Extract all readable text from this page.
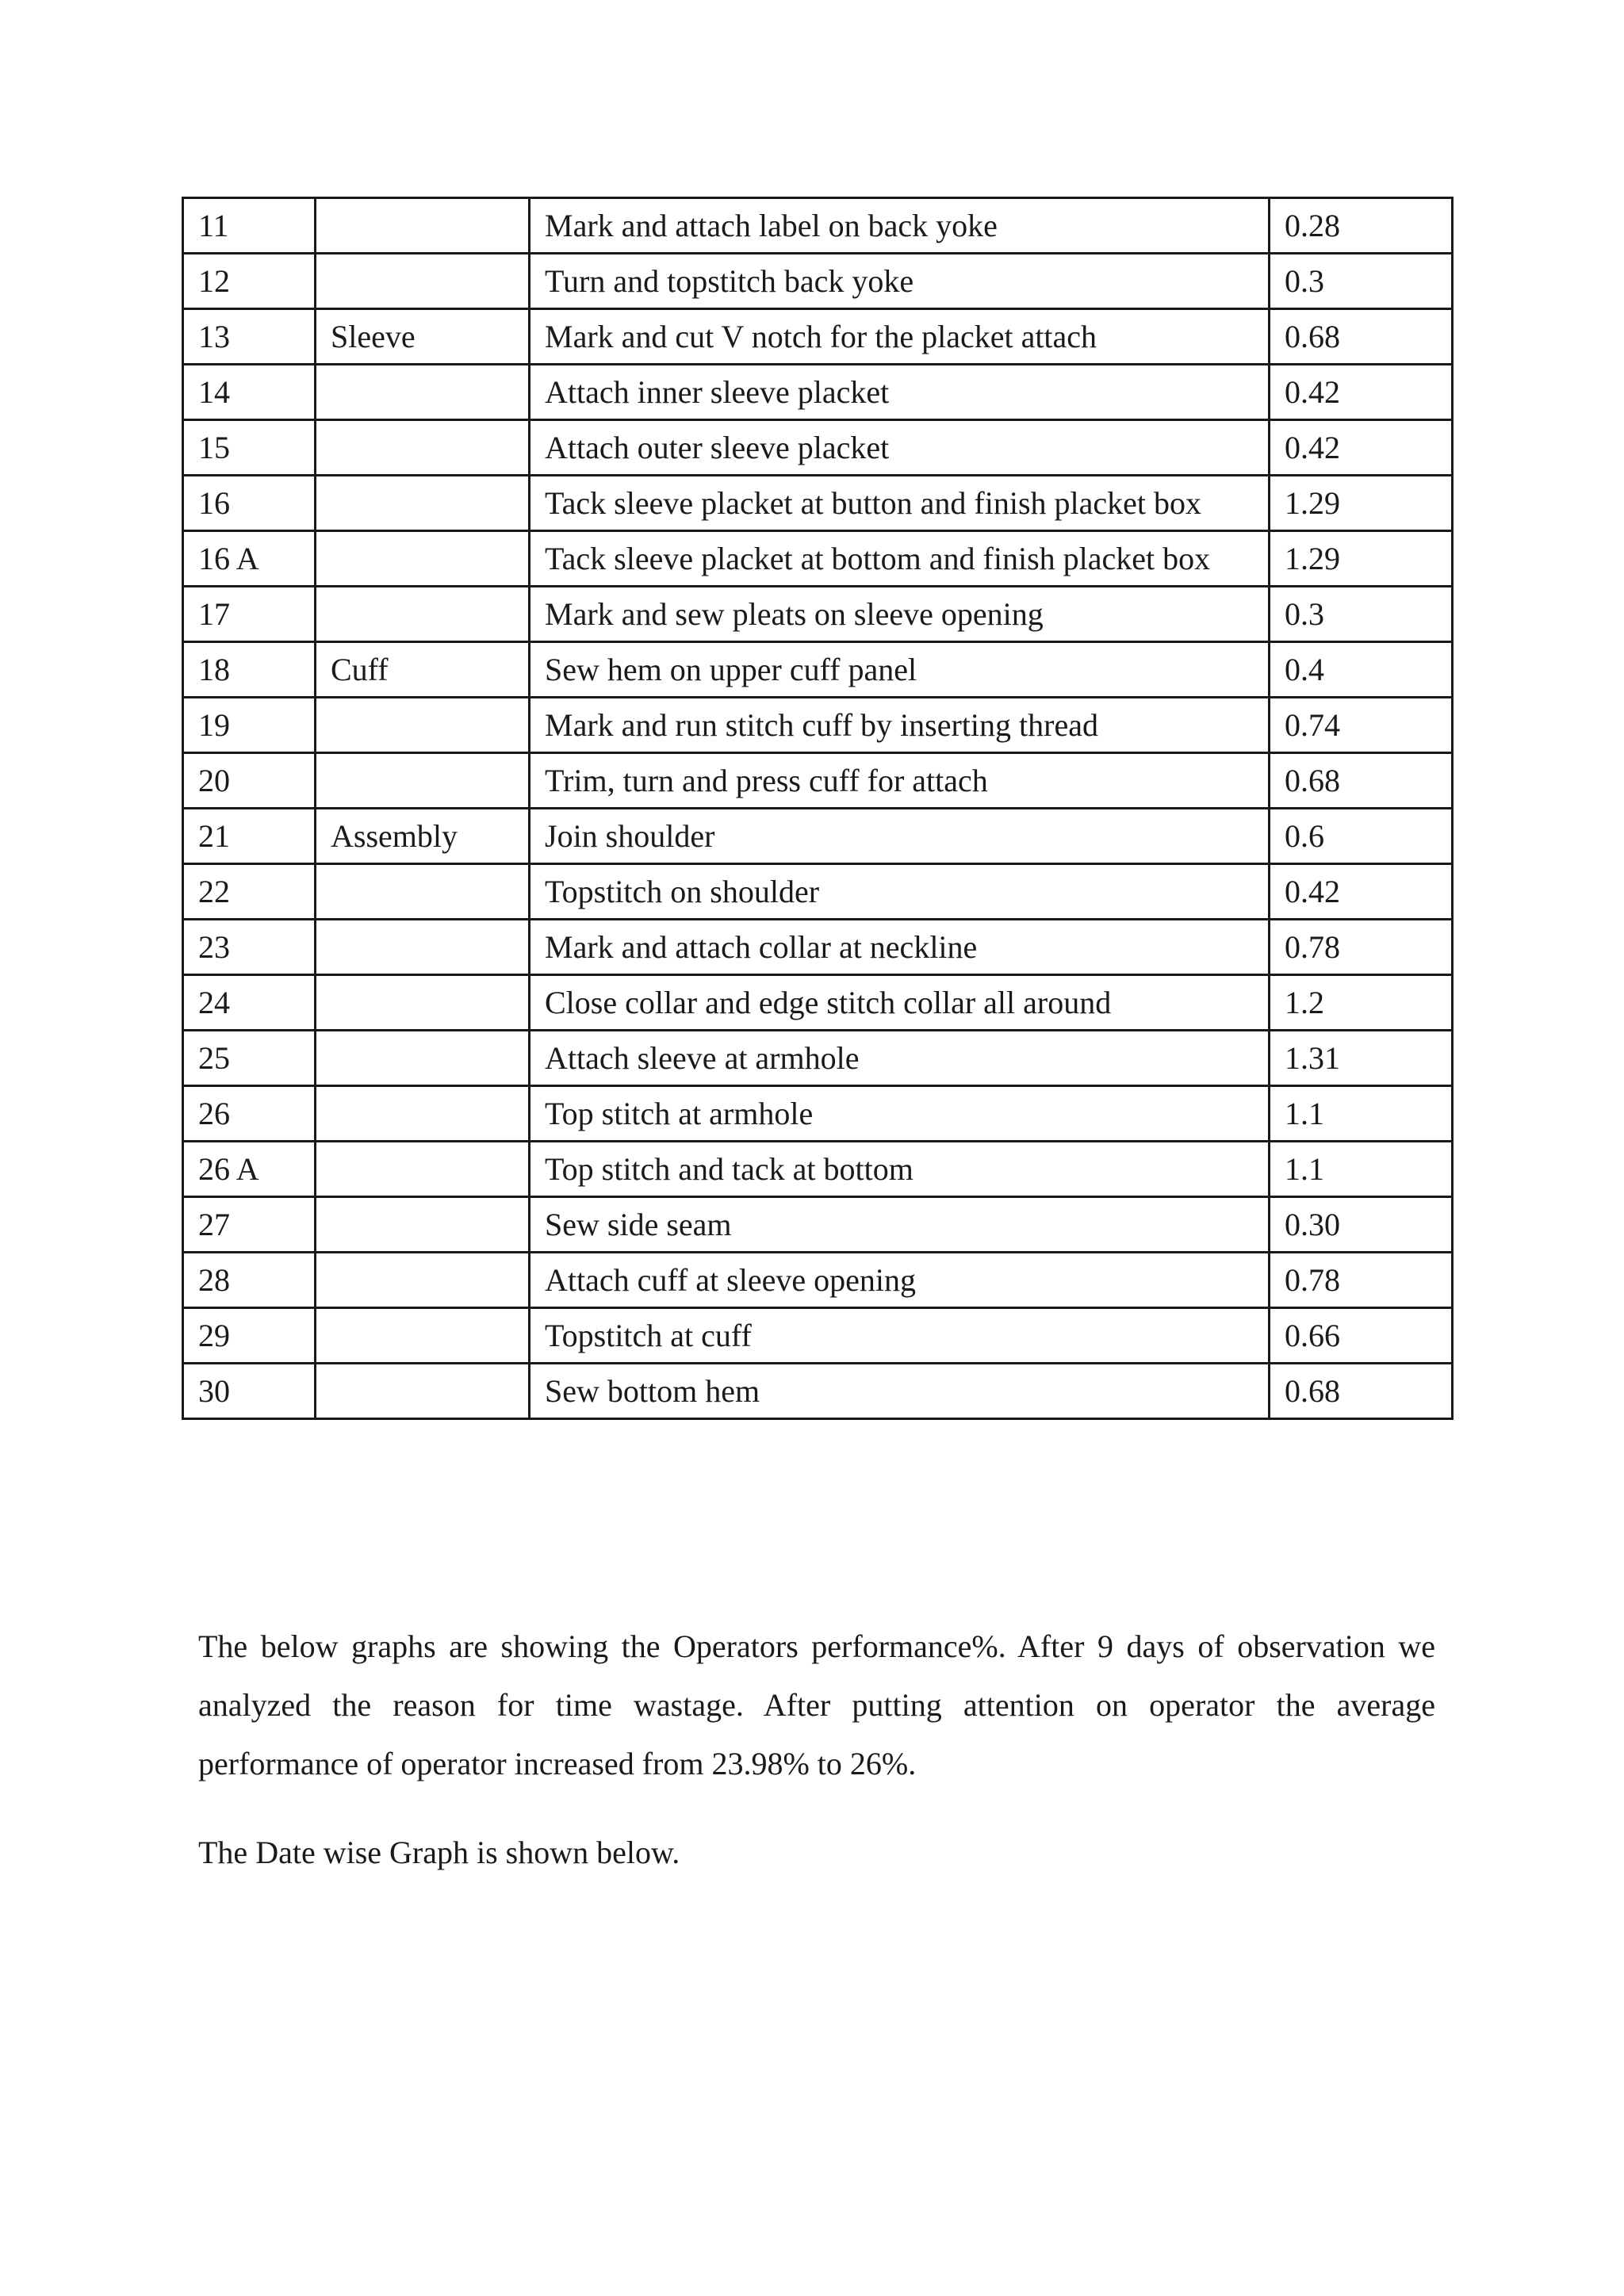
11		Mark and attach label on back yoke	0.28
12		Turn and topstitch back yoke	0.3
13	Sleeve	Mark and cut V notch for the placket attach	0.68
14		Attach inner sleeve placket	0.42
15		Attach outer sleeve placket	0.42
16		Tack sleeve placket at button and finish placket box	1.29
16 A		Tack sleeve placket at bottom and finish placket box	1.29
17		Mark and sew pleats on sleeve opening	0.3
18	Cuff	Sew hem on upper cuff panel	0.4
19		Mark and run stitch cuff by inserting thread	0.74
20		Trim, turn and press cuff for attach	0.68
21	Assembly	Join shoulder	0.6
22		Topstitch on shoulder	0.42
23		Mark and attach collar at neckline	0.78
24		Close collar and edge stitch collar all around	1.2
25		Attach sleeve at armhole	1.31
26		Top stitch at armhole	1.1
26 A		Top stitch and tack at bottom	1.1
27		Sew side seam	0.30
28		Attach cuff at sleeve opening	0.78
29		Topstitch at cuff	0.66
30		Sew bottom hem	0.68

The below graphs are showing the Operators performance%. After 9 days of observation we analyzed the reason for time wastage. After putting attention on operator the average performance of operator increased from 23.98% to 26%.

The Date wise Graph is shown below.
